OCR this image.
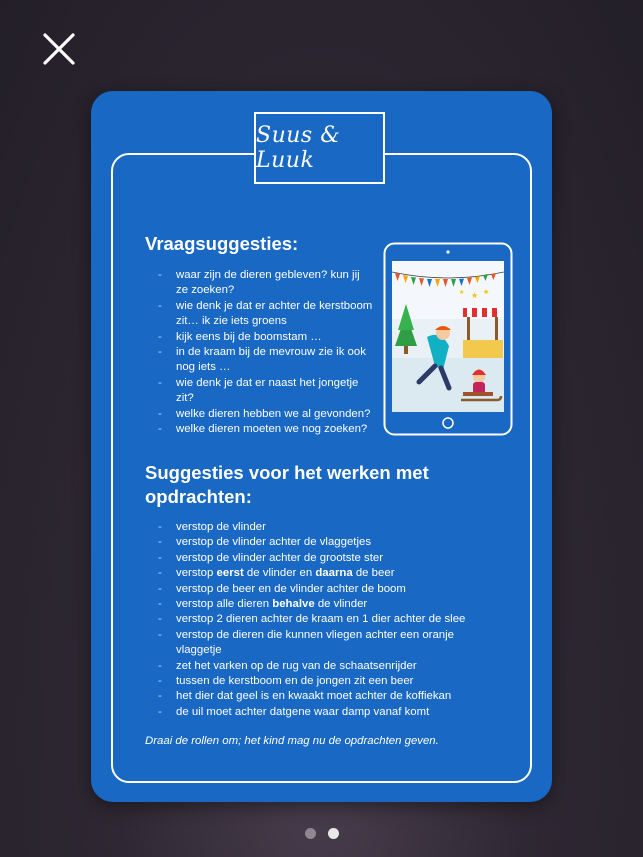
Suus & Luuk
Vraagsuggesties:
- waar zijn de dieren gebleven? kun jij ze zoeken?
- wie denk je dat er achter de kerstboom zit… ik zie iets groens
- kijk eens bij de boomstam …
- in de kraam bij de mevrouw zie ik ook nog iets …
- wie denk je dat er naast het jongetje zit?
- welke dieren hebben we al gevonden?
- welke dieren moeten we nog zoeken?
★ ★
★
Suggesties voor het werken met opdrachten:
- verstop de vlinder
- verstop de vlinder achter de vlaggetjes
- verstop de vlinder achter de grootste ster
- verstop eerst de vlinder en daarna de beer
- verstop de beer en de vlinder achter de boom
- verstop alle dieren behalve de vlinder
- verstop 2 dieren achter de kraam en 1 dier achter de slee
- verstop de dieren die kunnen vliegen achter een oranje vlaggetje
- zet het varken op de rug van de schaatsenrijder
- tussen de kerstboom en de jongen zit een beer
- het dier dat geel is en kwaakt moet achter de koffiekan
- de uil moet achter datgene waar damp vanaf komt
Draai de rollen om; het kind mag nu de opdrachten geven.
